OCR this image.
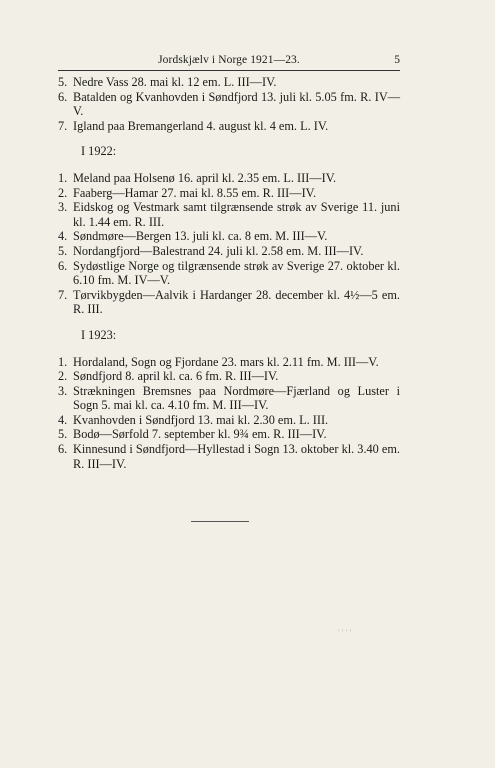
Jordskjælv i Norge 1921—23.	5
5. Nedre Vass 28. mai kl. 12 em. L. III—IV.
6. Batalden og Kvanhovden i Søndfjord 13. juli kl. 5.05 fm. R. IV—V.
7. Igland paa Bremangerland 4. august kl. 4 em. L. IV.
I 1922:
1. Meland paa Holsenø 16. april kl. 2.35 em. L. III—IV.
2. Faaberg—Hamar 27. mai kl. 8.55 em. R. III—IV.
3. Eidskog og Vestmark samt tilgrænsende strøk av Sverige 11. juni kl. 1.44 em. R. III.
4. Søndmøre—Bergen 13. juli kl. ca. 8 em. M. III—V.
5. Nordangfjord—Balestrand 24. juli kl. 2.58 em. M. III—IV.
6. Sydøstlige Norge og tilgrænsende strøk av Sverige 27. oktober kl. 6.10 fm. M. IV—V.
7. Tørvikbygden—Aalvik i Hardanger 28. december kl. 4½—5 em. R. III.
I 1923:
1. Hordaland, Sogn og Fjordane 23. mars kl. 2.11 fm. M. III—V.
2. Søndfjord 8. april kl. ca. 6 fm. R. III—IV.
3. Strækningen Bremsnes paa Nordmøre—Fjærland og Luster i Sogn 5. mai kl. ca. 4.10 fm. M. III—IV.
4. Kvanhovden i Søndfjord 13. mai kl. 2.30 em. L. III.
5. Bodø—Sørfold 7. september kl. 9¾ em. R. III—IV.
6. Kinnesund i Søndfjord—Hyllestad i Sogn 13. oktober kl. 3.40 em. R. III—IV.
' ' ' '
